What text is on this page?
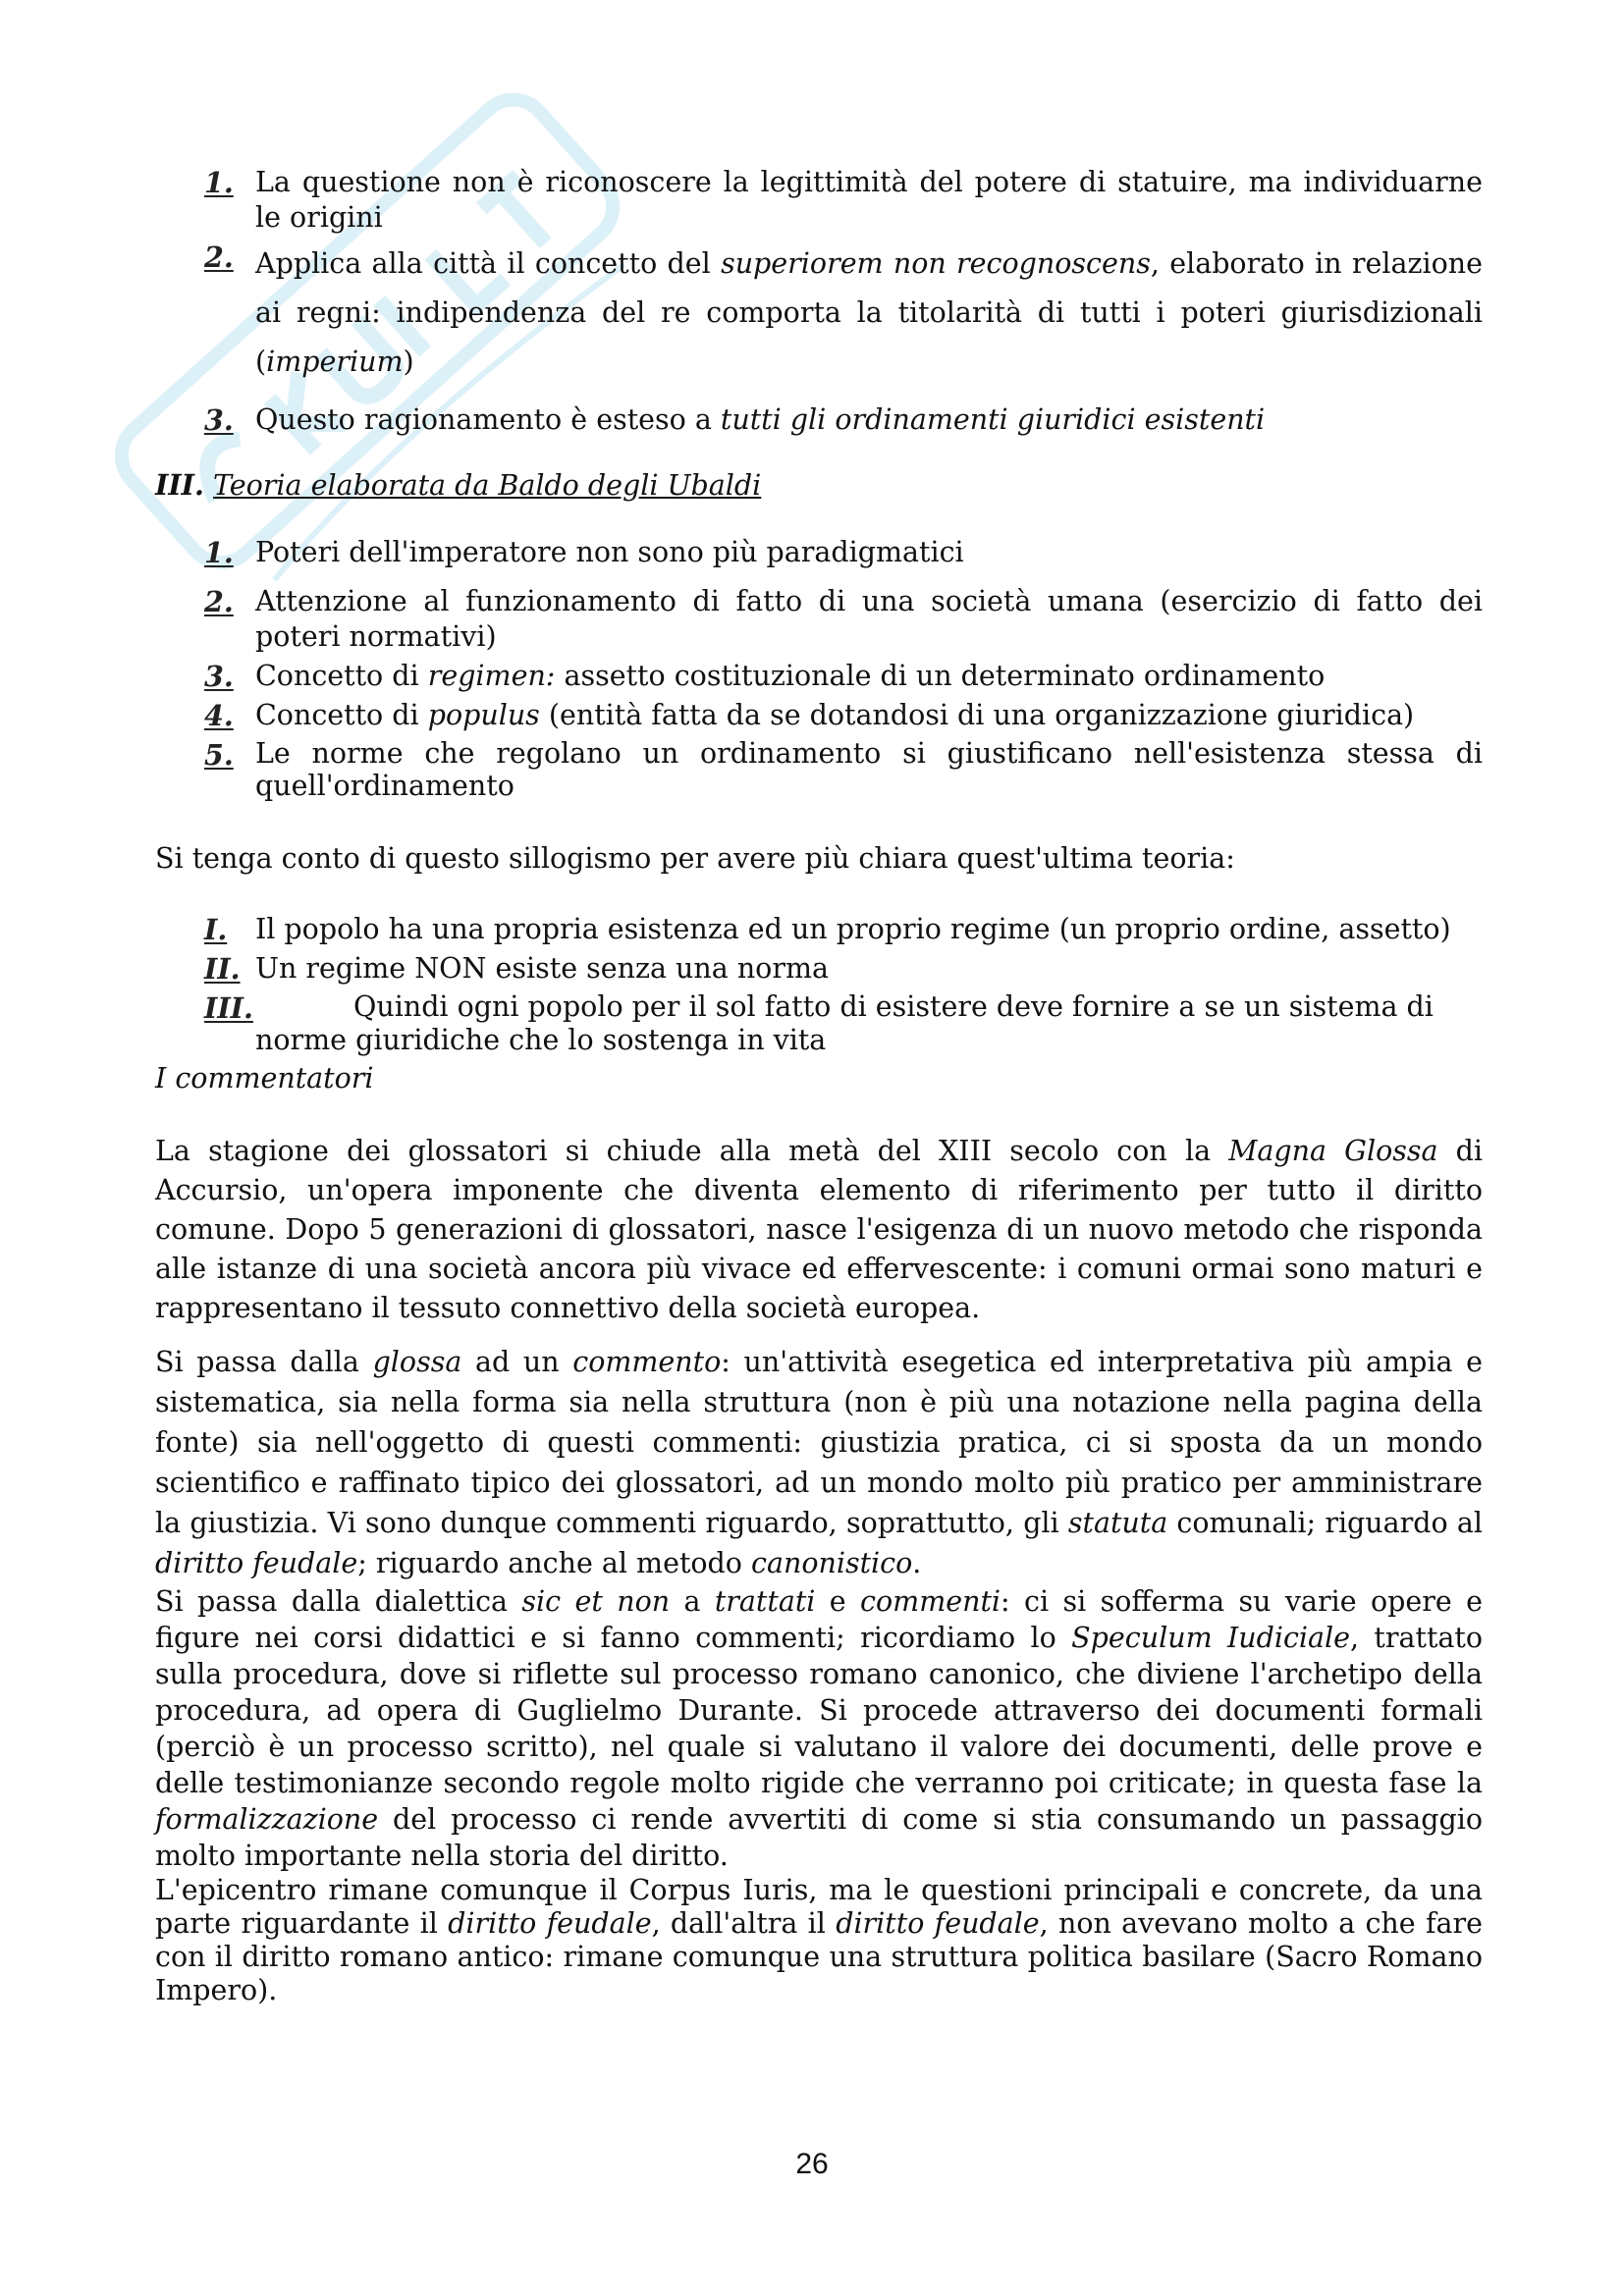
1. La questione non è riconoscere la legittimità del potere di statuire, ma individuarne le origini
2. Applica alla città il concetto del superiorem non recognoscens, elaborato in relazione ai regni: indipendenza del re comporta la titolarità di tutti i poteri giurisdizionali (imperium)
3. Questo ragionamento è esteso a tutti gli ordinamenti giuridici esistenti
III. Teoria elaborata da Baldo degli Ubaldi
1. Poteri dell'imperatore non sono più paradigmatici
2. Attenzione al funzionamento di fatto di una società umana (esercizio di fatto dei poteri normativi)
3. Concetto di regimen: assetto costituzionale di un determinato ordinamento
4. Concetto di populus (entità fatta da se dotandosi di una organizzazione giuridica)
5. Le norme che regolano un ordinamento si giustificano nell'esistenza stessa di quell'ordinamento

Si tenga conto di questo sillogismo per avere più chiara quest'ultima teoria:

I.	Il popolo ha una propria esistenza ed un proprio regime (un proprio ordine, assetto)
II. Un regime NON esiste senza una norma
III.	Quindi ogni popolo per il sol fatto di esistere deve fornire a se un sistema di norme giuridiche che lo sostenga in vita

I commentatori

La stagione dei glossatori si chiude alla metà del XIII secolo con la Magna Glossa di Accursio, un'opera imponente che diventa elemento di riferimento per tutto il diritto comune. Dopo 5 generazioni di glossatori, nasce l'esigenza di un nuovo metodo che risponda alle istanze di una società ancora più vivace ed effervescente: i comuni ormai sono maturi e rappresentano il tessuto connettivo della società europea.

Si passa dalla glossa ad un commento: un'attività esegetica ed interpretativa più ampia e sistematica, sia nella forma sia nella struttura (non è più una notazione nella pagina della fonte) sia nell'oggetto di questi commenti: giustizia pratica, ci si sposta da un mondo scientifico e raffinato tipico dei glossatori, ad un mondo molto più pratico per amministrare la giustizia. Vi sono dunque commenti riguardo, soprattutto, gli statuta comunali; riguardo al diritto feudale; riguardo anche al metodo canonistico.

Si passa dalla dialettica sic et non a trattati e commenti: ci si sofferma su varie opere e figure nei corsi didattici e si fanno commenti; ricordiamo lo Speculum Iudiciale, trattato sulla procedura, dove si riflette sul processo romano canonico, che diviene l'archetipo della procedura, ad opera di Guglielmo Durante. Si procede attraverso dei documenti formali (perciò è un processo scritto), nel quale si valutano il valore dei documenti, delle prove e delle testimonianze secondo regole molto rigide che verranno poi criticate; in questa fase la formalizzazione del processo ci rende avvertiti di come si stia consumando un passaggio molto importante nella storia del diritto.

L'epicentro rimane comunque il Corpus Iuris, ma le questioni principali e concrete, da una parte riguardante il diritto feudale, dall'altra il diritto feudale, non avevano molto a che fare con il diritto romano antico: rimane comunque una struttura politica basilare (Sacro Romano Impero).

26
